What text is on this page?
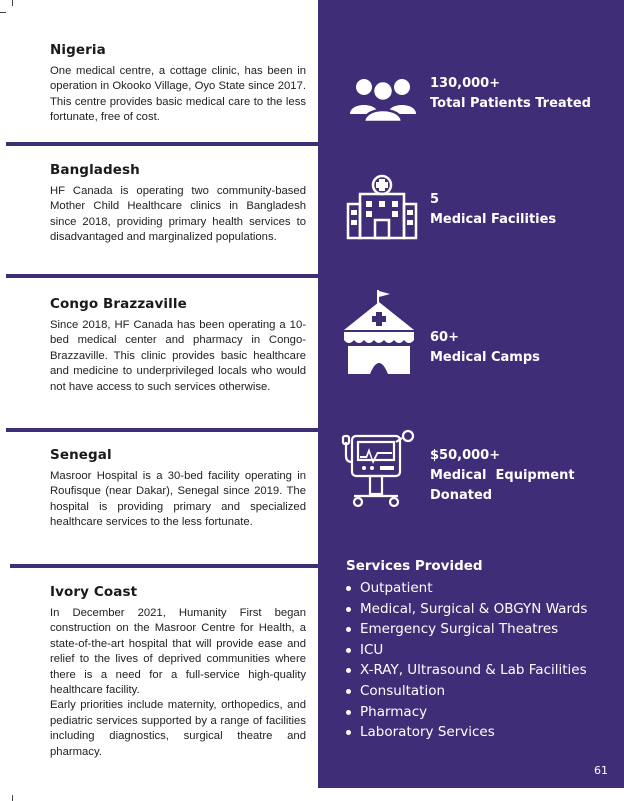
Nigeria

One medical centre, a cottage clinic, has been in operation in Okooko Village, Oyo State since 2017. This centre provides basic medical care to the less fortunate, free of cost.

Bangladesh

HF Canada is operating two community-based Mother Child Healthcare clinics in Bangladesh since 2018, providing primary health services to disadvantaged and marginalized populations.

Congo Brazzaville

Since 2018, HF Canada has been operating a 10-bed medical center and pharmacy in Congo-Brazzaville. This clinic provides basic healthcare and medicine to underprivileged locals who would not have access to such services otherwise.

Senegal

Masroor Hospital is a 30-bed facility operating in Roufisque (near Dakar), Senegal since 2019. The hospital is providing primary and specialized healthcare services to the less fortunate.

Ivory Coast

In December 2021, Humanity First began construction on the Masroor Centre for Health, a state-of-the-art hospital that will provide ease and relief to the lives of deprived communities where there is a need for a full-service high-quality healthcare facility.

Early priorities include maternity, orthopedics, and pediatric services supported by a range of facilities including diagnostics, surgical theatre and pharmacy.

130,000+
Total Patients Treated
5
Medical Facilities
60+
Medical Camps
$50,000+
Medical  Equipment
Donated
Services Provided
Outpatient
Medical, Surgical & OBGYN Wards
Emergency Surgical Theatres
ICU
X-RAY, Ultrasound & Lab Facilities
Consultation
Pharmacy
Laboratory Services
61
